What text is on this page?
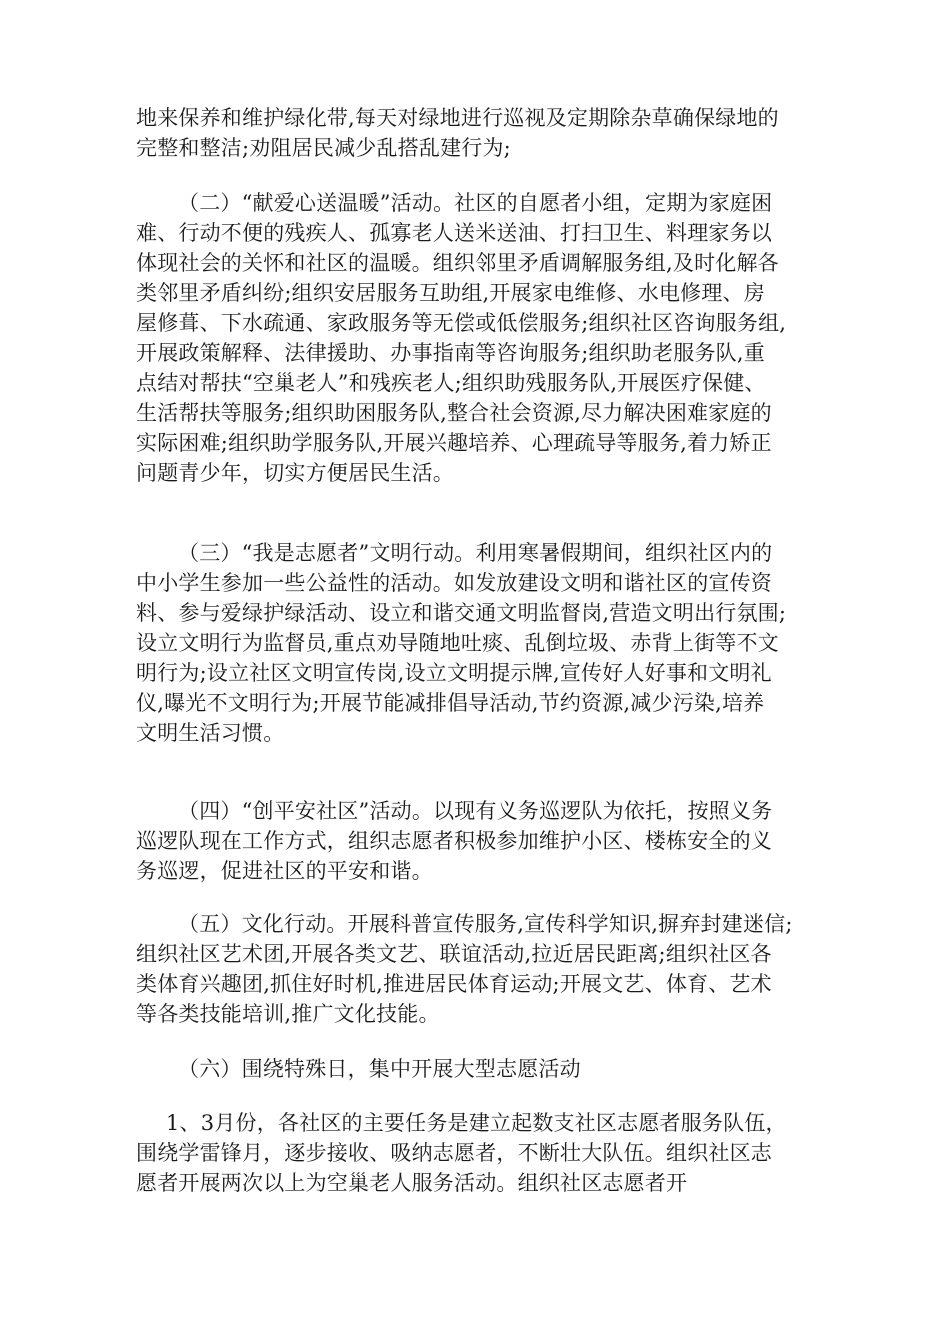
地来保养和维护绿化带,每天对绿地进行巡视及定期除杂草确保绿地的
完整和整洁;劝阻居民减少乱搭乱建行为;
（二）“献爱心送温暖”活动。社区的自愿者小组，定期为家庭困
难、行动不便的残疾人、孤寡老人送米送油、打扫卫生、料理家务以
体现社会的关怀和社区的温暖。组织邻里矛盾调解服务组,及时化解各
类邻里矛盾纠纷;组织安居服务互助组,开展家电维修、水电修理、房
屋修葺、下水疏通、家政服务等无偿或低偿服务;组织社区咨询服务组,
开展政策解释、法律援助、办事指南等咨询服务;组织助老服务队,重
点结对帮扶“空巢老人”和残疾老人;组织助残服务队,开展医疗保健、
生活帮扶等服务;组织助困服务队,整合社会资源,尽力解决困难家庭的
实际困难;组织助学服务队,开展兴趣培养、心理疏导等服务,着力矫正
问题青少年，切实方便居民生活。
（三）“我是志愿者”文明行动。利用寒暑假期间，组织社区内的
中小学生参加一些公益性的活动。如发放建设文明和谐社区的宣传资
料、参与爱绿护绿活动、设立和谐交通文明监督岗,营造文明出行氛围;
设立文明行为监督员,重点劝导随地吐痰、乱倒垃圾、赤背上街等不文
明行为;设立社区文明宣传岗,设立文明提示牌,宣传好人好事和文明礼
仪,曝光不文明行为;开展节能减排倡导活动,节约资源,减少污染,培养
文明生活习惯。
（四）“创平安社区”活动。以现有义务巡逻队为依托，按照义务
巡逻队现在工作方式，组织志愿者积极参加维护小区、楼栋安全的义
务巡逻，促进社区的平安和谐。
（五）文化行动。开展科普宣传服务,宣传科学知识,摒弃封建迷信;
组织社区艺术团,开展各类文艺、联谊活动,拉近居民距离;组织社区各
类体育兴趣团,抓住好时机,推进居民体育运动;开展文艺、体育、艺术
等各类技能培训,推广文化技能。
（六）围绕特殊日，集中开展大型志愿活动
1、3月份，各社区的主要任务是建立起数支社区志愿者服务队伍，
围绕学雷锋月，逐步接收、吸纳志愿者，不断壮大队伍。组织社区志
愿者开展两次以上为空巢老人服务活动。组织社区志愿者开
